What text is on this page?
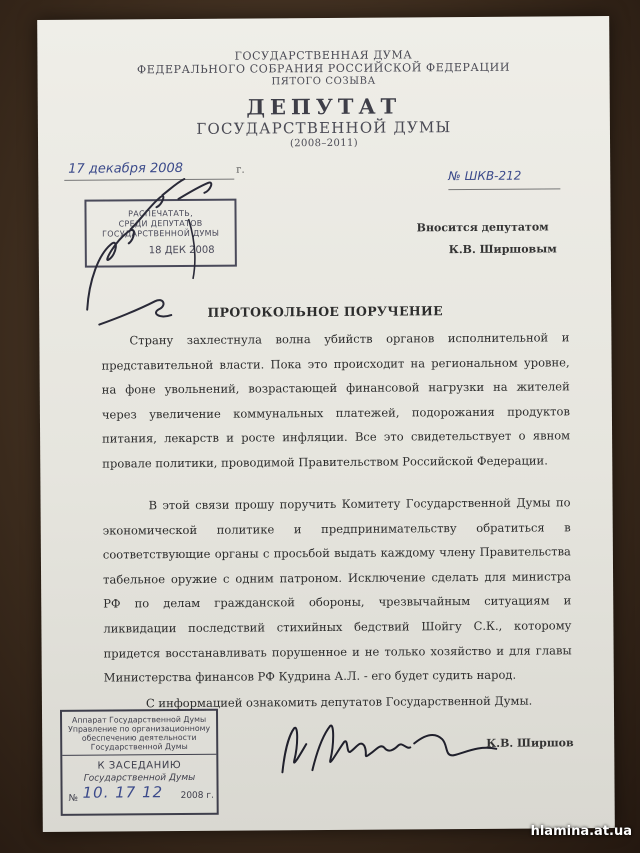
ГОСУДАРСТВЕННАЯ ДУМА
ФЕДЕРАЛЬНОГО СОБРАНИЯ РОССИЙСКОЙ ФЕДЕРАЦИИ
ПЯТОГО СОЗЫВА
ДЕПУТАТ
ГОСУДАРСТВЕННОЙ ДУМЫ
(2008–2011)
17 декабря 2008	г.	№ ШКВ-212
РАСПЕЧАТАТЬ,
СРЕДИ ДЕПУТАТОВ
ГОСУДАРСТВЕННОЙ ДУМЫ
18 ДЕК 2008
Вносится депутатом
К.В. Ширшовым
ПРОТОКОЛЬНОЕ ПОРУЧЕНИЕ
Страну захлестнула волна убийств органов исполнительной и представительной власти. Пока это происходит на региональном уровне, на фоне увольнений, возрастающей финансовой нагрузки на жителей через увеличение коммунальных платежей, подорожания продуктов питания, лекарств и росте инфляции. Все это свидетельствует о явном провале политики, проводимой Правительством Российской Федерации.
В этой связи прошу поручить Комитету Государственной Думы по экономической политике и предпринимательству обратиться в соответствующие органы с просьбой выдать каждому члену Правительства табельное оружие с одним патроном. Исключение сделать для министра РФ по делам гражданской обороны, чрезвычайным ситуациям и ликвидации последствий стихийных бедствий Шойгу С.К., которому придется восстанавливать порушенное и не только хозяйство и для главы Министерства финансов РФ Кудрина А.Л. - его будет судить народ.
С информацией ознакомить депутатов Государственной Думы.
Аппарат Государственной Думы
Управление по организационному
обеспечению деятельности
Государственной Думы
К ЗАСЕДАНИЮ
Государственной Думы
№ 10. 17 12 2008 г.
К.В. Ширшов
hlamina.at.ua
